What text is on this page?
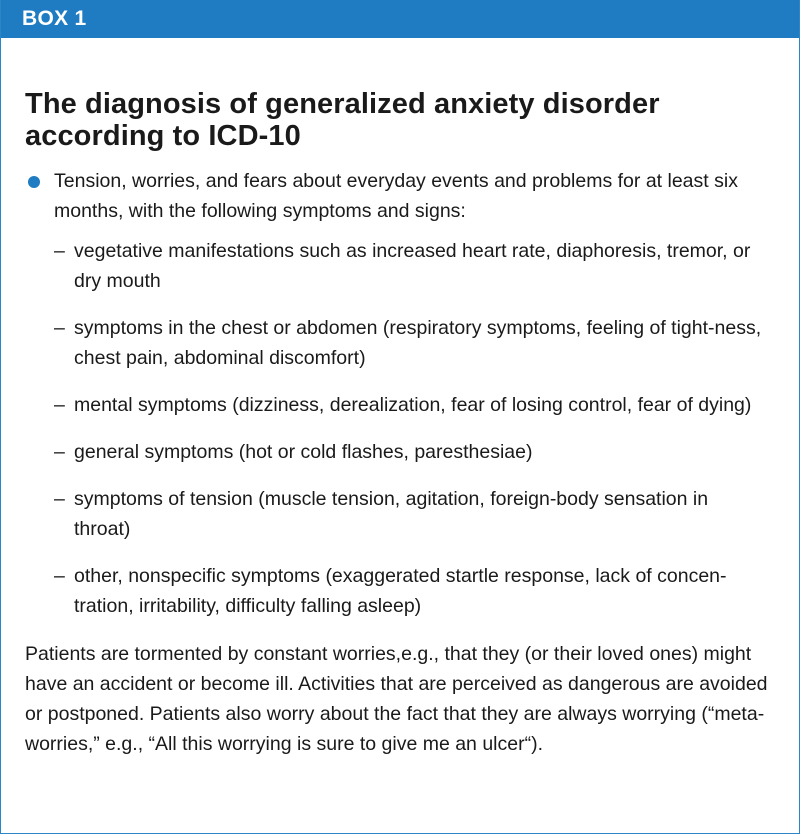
BOX 1
The diagnosis of generalized anxiety disorder
according to ICD-10
Tension, worries, and fears about everyday events and problems for at least six months, with the following symptoms and signs:
– vegetative manifestations such as increased heart rate, diaphoresis, tremor, or dry mouth
– symptoms in the chest or abdomen (respiratory symptoms, feeling of tight-ness, chest pain, abdominal discomfort)
– mental symptoms (dizziness, derealization, fear of losing control, fear of dying)
– general symptoms (hot or cold flashes, paresthesiae)
– symptoms of tension (muscle tension, agitation, foreign-body sensation in throat)
– other, nonspecific symptoms (exaggerated startle response, lack of concen-tration, irritability, difficulty falling asleep)

Patients are tormented by constant worries,e.g., that they (or their loved ones) might have an accident or become ill. Activities that are perceived as dangerous are avoided or postponed. Patients also worry about the fact that they are always worrying (“meta-worries,” e.g., “All this worrying is sure to give me an ulcer“).
